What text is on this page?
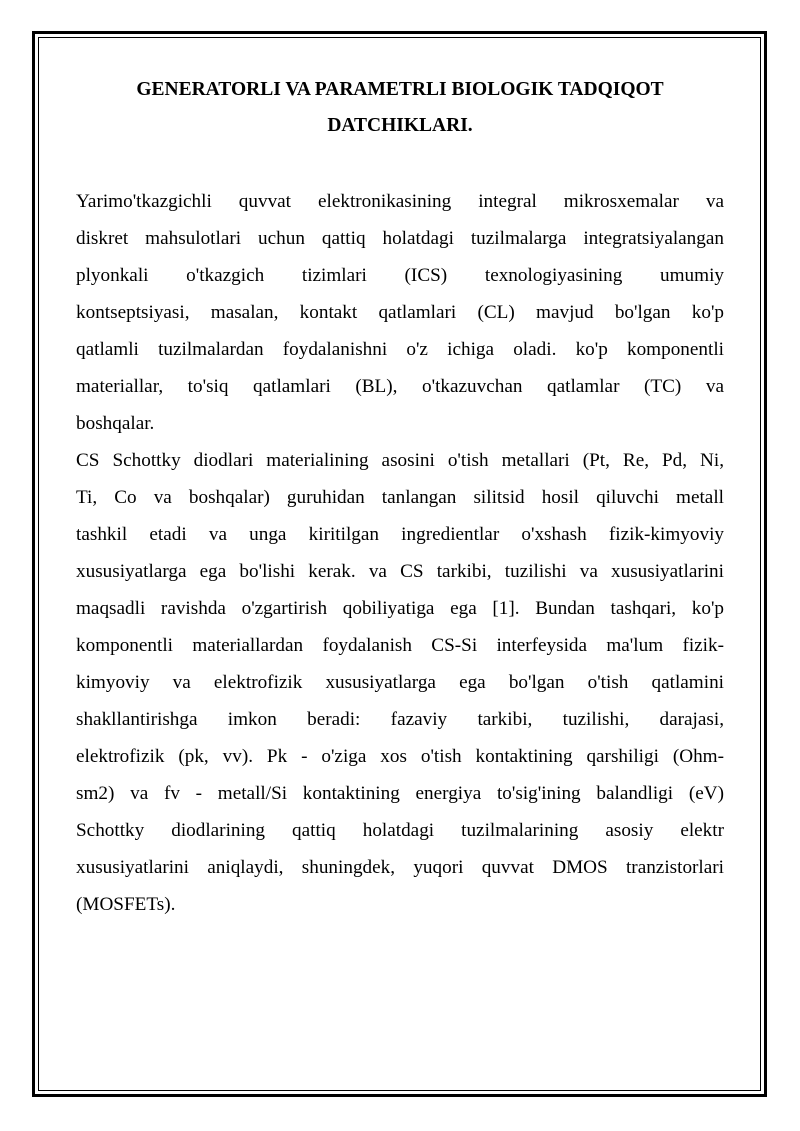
GENERATORLI VA PARAMETRLI BIOLOGIK TADQIQOT
DATCHIKLARI.

Yarimo'tkazgichli quvvat elektronikasining integral mikrosxemalar va
diskret mahsulotlari uchun qattiq holatdagi tuzilmalarga integratsiyalangan
plyonkali o'tkazgich tizimlari (ICS) texnologiyasining umumiy
kontseptsiyasi, masalan, kontakt qatlamlari (CL) mavjud bo'lgan ko'p
qatlamli tuzilmalardan foydalanishni o'z ichiga oladi. ko'p komponentli
materiallar, to'siq qatlamlari (BL), o'tkazuvchan qatlamlar (TC) va
boshqalar.

CS Schottky diodlari materialining asosini o'tish metallari (Pt, Re, Pd, Ni,
Ti, Co va boshqalar) guruhidan tanlangan silitsid hosil qiluvchi metall
tashkil etadi va unga kiritilgan ingredientlar o'xshash fizik-kimyoviy
xususiyatlarga ega bo'lishi kerak. va CS tarkibi, tuzilishi va xususiyatlarini
maqsadli ravishda o'zgartirish qobiliyatiga ega [1]. Bundan tashqari, ko'p
komponentli materiallardan foydalanish CS-Si interfeysida ma'lum fizik-
kimyoviy va elektrofizik xususiyatlarga ega bo'lgan o'tish qatlamini
shakllantirishga imkon beradi: fazaviy tarkibi, tuzilishi, darajasi,
elektrofizik (pk, vv). Pk - o'ziga xos o'tish kontaktining qarshiligi (Ohm-
sm2) va fv - metall/Si kontaktining energiya to'sig'ining balandligi (eV)
Schottky diodlarining qattiq holatdagi tuzilmalarining asosiy elektr
xususiyatlarini aniqlaydi, shuningdek, yuqori quvvat DMOS tranzistorlari
(MOSFETs).
